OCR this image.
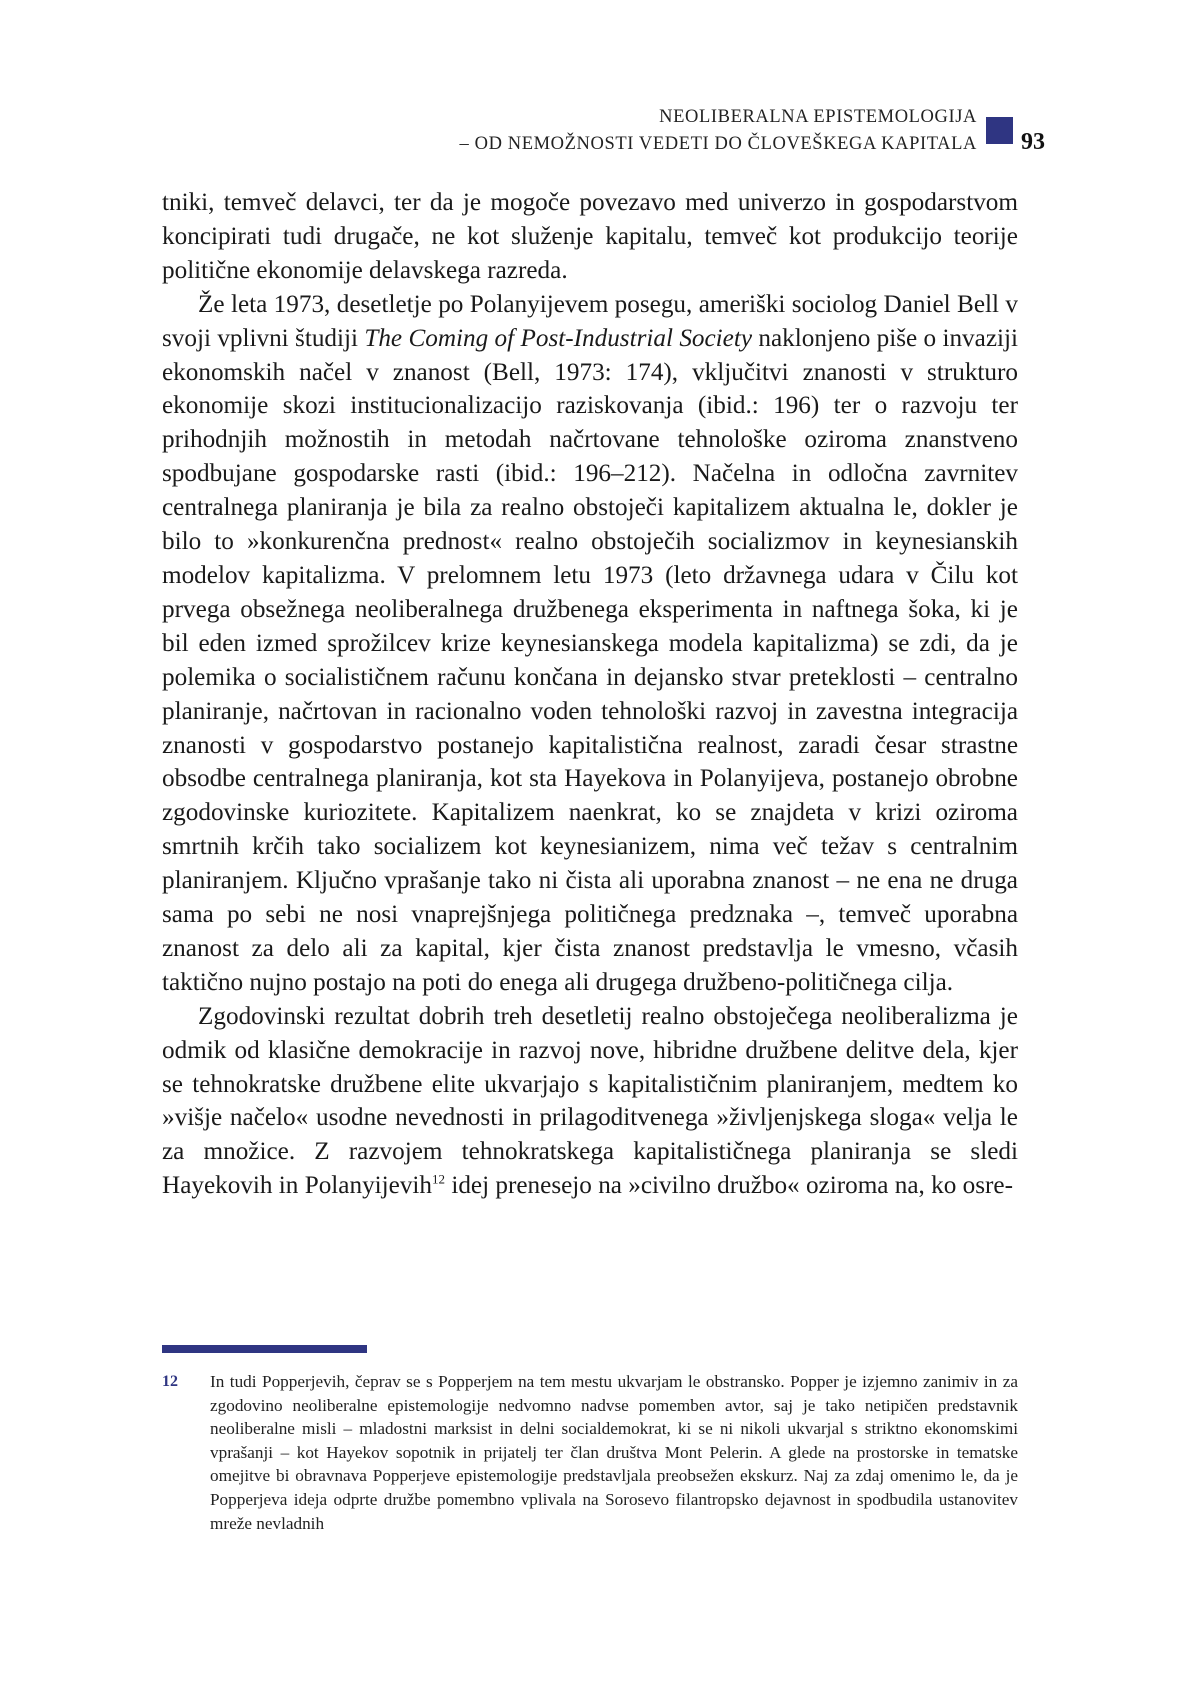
NEOLIBERALNA EPISTEMOLOGIJA
– OD NEMOŽNOSTI VEDETI DO ČLOVEŠKEGA KAPITALA 93

tniki, temveč delavci, ter da je mogoče povezavo med univerzo in gospodarstvom koncipirati tudi drugače, ne kot služenje kapitalu, temveč kot produkcijo teorije politične ekonomije delavskega razreda.

Že leta 1973, desetletje po Polanyijevem posegu, ameriški sociolog Daniel Bell v svoji vplivni študiji The Coming of Post-Industrial Society naklonjeno piše o invaziji ekonomskih načel v znanost (Bell, 1973: 174), vključitvi znanosti v strukturo ekonomije skozi institucionalizacijo raziskovanja (ibid.: 196) ter o razvoju ter prihodnjih možnostih in metodah načrtovane tehnološke oziroma znanstveno spodbujane gospodarske rasti (ibid.: 196–212). Načelna in odločna zavrnitev centralnega planiranja je bila za realno obstoječi kapitalizem aktualna le, dokler je bilo to »konkurenčna prednost« realno obstoječih socializmov in keynesianskih modelov kapitalizma. V prelomnem letu 1973 (leto državnega udara v Čilu kot prvega obsežnega neoliberalnega družbenega eksperimenta in naftnega šoka, ki je bil eden izmed sprožilcev krize keynesianskega modela kapitalizma) se zdi, da je polemika o socialističnem računu končana in dejansko stvar preteklosti – centralno planiranje, načrtovan in racionalno voden tehnološki razvoj in zavestna integracija znanosti v gospodarstvo postanejo kapitalistična realnost, zaradi česar strastne obsodbe centralnega planiranja, kot sta Hayekova in Polanyijeva, postanejo obrobne zgodovinske kuriozitete. Kapitalizem naenkrat, ko se znajdeta v krizi oziroma smrtnih krčih tako socializem kot keynesianizem, nima več težav s centralnim planiranjem. Ključno vprašanje tako ni čista ali uporabna znanost – ne ena ne druga sama po sebi ne nosi vnaprejšnjega političnega predznaka –, temveč uporabna znanost za delo ali za kapital, kjer čista znanost predstavlja le vmesno, včasih taktično nujno postajo na poti do enega ali drugega družbeno-političnega cilja.

Zgodovinski rezultat dobrih treh desetletij realno obstoječega neoliberalizma je odmik od klasične demokracije in razvoj nove, hibridne družbene delitve dela, kjer se tehnokratske družbene elite ukvarjajo s kapitalističnim planiranjem, medtem ko »višje načelo« usodne nevednosti in prilagoditvenega »življenjskega sloga« velja le za množice. Z razvojem tehnokratskega kapitalističnega planiranja se sledi Hayekovih in Polanyijevih$^{12}$ idej prenesejo na »civilno družbo« oziroma na, ko osre-

12 In tudi Popperjevih, čeprav se s Popperjem na tem mestu ukvarjam le obstransko. Popper je izjemno zanimiv in za zgodovino neoliberalne epistemologije nedvomno nadvse pomemben avtor, saj je tako netipičen predstavnik neoliberalne misli – mladostni marksist in delni socialdemokrat, ki se ni nikoli ukvarjal s striktno ekonomskimi vprašanji – kot Hayekov sopotnik in prijatelj ter član društva Mont Pelerin. A glede na prostorske in tematske omejitve bi obravnava Popperjeve epistemologije predstavljala preobsežen ekskurz. Naj za zdaj omenimo le, da je Popperjeva ideja odprte družbe pomembno vplivala na Sorosevo filantropsko dejavnost in spodbudila ustanovitev mreže nevladnih
